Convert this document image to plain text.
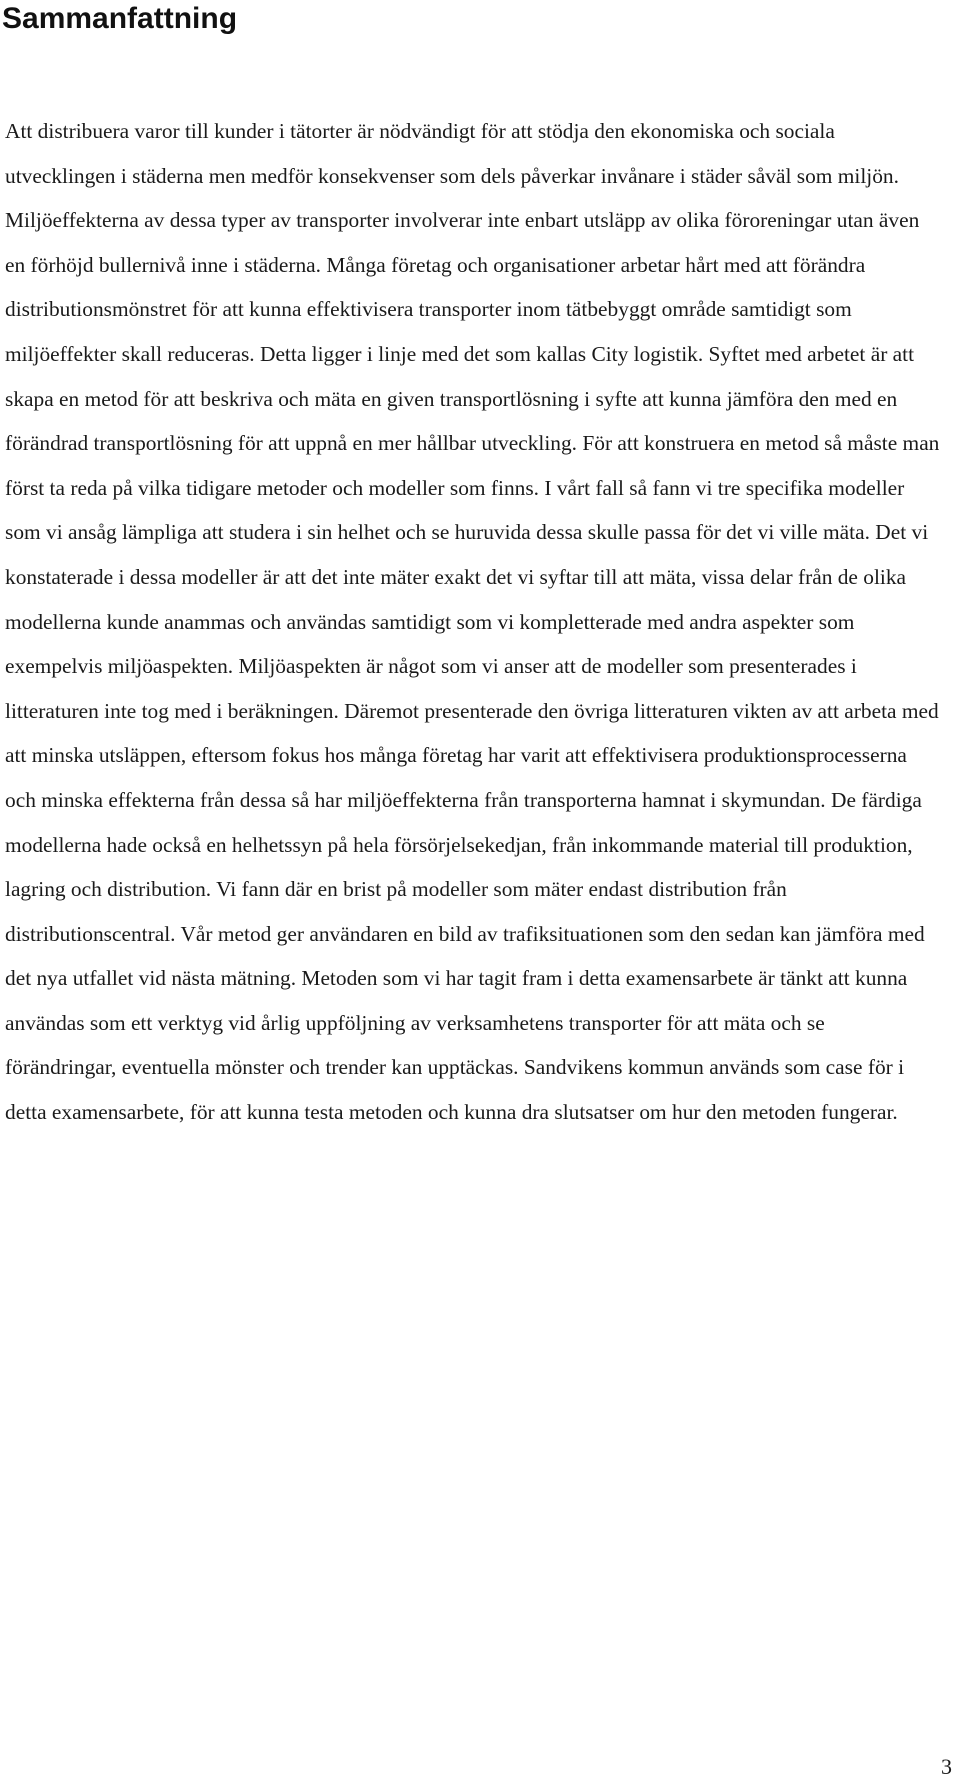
Sammanfattning

Att distribuera varor till kunder i tätorter är nödvändigt för att stödja den ekonomiska och sociala utvecklingen i städerna men medför konsekvenser som dels påverkar invånare i städer såväl som miljön. Miljöeffekterna av dessa typer av transporter involverar inte enbart utsläpp av olika föroreningar utan även en förhöjd bullernivå inne i städerna. Många företag och organisationer arbetar hårt med att förändra distributionsmönstret för att kunna effektivisera transporter inom tätbebyggt område samtidigt som miljöeffekter skall reduceras. Detta ligger i linje med det som kallas City logistik. Syftet med arbetet är att skapa en metod för att beskriva och mäta en given transportlösning i syfte att kunna jämföra den med en förändrad transportlösning för att uppnå en mer hållbar utveckling. För att konstruera en metod så måste man först ta reda på vilka tidigare metoder och modeller som finns. I vårt fall så fann vi tre specifika modeller som vi ansåg lämpliga att studera i sin helhet och se huruvida dessa skulle passa för det vi ville mäta. Det vi konstaterade i dessa modeller är att det inte mäter exakt det vi syftar till att mäta, vissa delar från de olika modellerna kunde anammas och användas samtidigt som vi kompletterade med andra aspekter som exempelvis miljöaspekten. Miljöaspekten är något som vi anser att de modeller som presenterades i litteraturen inte tog med i beräkningen. Däremot presenterade den övriga litteraturen vikten av att arbeta med att minska utsläppen, eftersom fokus hos många företag har varit att effektivisera produktionsprocesserna och minska effekterna från dessa så har miljöeffekterna från transporterna hamnat i skymundan. De färdiga modellerna hade också en helhetssyn på hela försörjelsekedjan, från inkommande material till produktion, lagring och distribution. Vi fann där en brist på modeller som mäter endast distribution från distributionscentral. Vår metod ger användaren en bild av trafiksituationen som den sedan kan jämföra med det nya utfallet vid nästa mätning. Metoden som vi har tagit fram i detta examensarbete är tänkt att kunna användas som ett verktyg vid årlig uppföljning av verksamhetens transporter för att mäta och se förändringar, eventuella mönster och trender kan upptäckas. Sandvikens kommun används som case för i detta examensarbete, för att kunna testa metoden och kunna dra slutsatser om hur den metoden fungerar.

3
